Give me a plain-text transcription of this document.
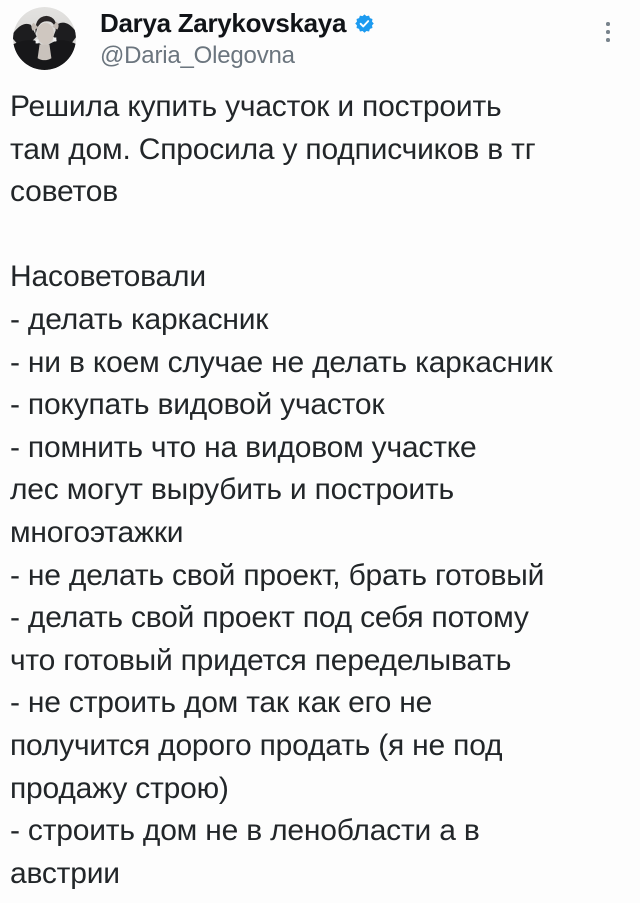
Darya Zarykovskaya
@Daria_Olegovna
Решила купить участок и построить
там дом. Спросила у подписчиков в тг
советов

Насоветовали
- делать каркасник
- ни в коем случае не делать каркасник
- покупать видовой участок
- помнить что на видовом участке
лес могут вырубить и построить
многоэтажки
- не делать свой проект, брать готовый
- делать свой проект под себя потому
что готовый придется переделывать
- не строить дом так как его не
получится дорого продать (я не под
продажу строю)
- строить дом не в ленобласти а в
австрии
